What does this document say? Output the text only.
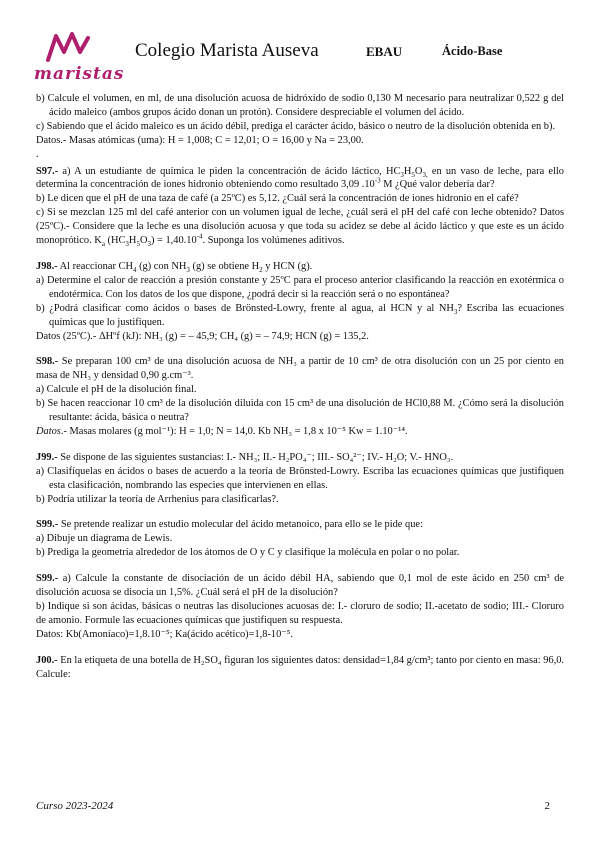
maristas
Colegio Marista Auseva	EBAU	Ácido-Base

b) Calcule el volumen, en ml, de una disolución acuosa de hidróxido de sodio 0,130 M necesario para neutralizar 0,522 g del ácido maleico (ambos grupos ácido donan un protón). Considere despreciable el volumen del ácido.

c) Sabiendo que el ácido maleico es un ácido débil, prediga el carácter ácido, básico o neutro de la disolución obtenida en b).

Datos.- Masas atómicas (uma): H = 1,008; C = 12,01; O = 16,00 y Na = 23,00.

.

S97.- a) A un estudiante de química le piden la concentración de ácido láctico, $HC_3H_5O_{3,}$ en un vaso de leche, para ello determina la concentración de iones hidronio obteniendo como resultado 3,09 $.10^{-3}$ M ¿Qué valor debería dar?

b) Le dicen que el pH de una taza de café (a 25ºC) es 5,12. ¿Cuál será la concentración de iones hidronio en el café?

c) Si se mezclan 125 ml del café anterior con un volumen igual de leche, ¿cuál será el pH del café con leche obtenido? Datos (25ºC).- Considere que la leche es una disolución acuosa y que toda su acidez se debe al ácido láctico y que este es un ácido monoprótico. $K_a$ $(HC_3H_5O_3) = 1,40.10^{-4}$. Suponga los volúmenes aditivos.

J98.- Al reaccionar $CH_4$ (g) con $NH_3$ (g) se obtiene $H_2$ y HCN (g).

a) Determine el calor de reacción a presión constante y 25ºC para el proceso anterior clasificando la reacción en exotérmica o endotérmica. Con los datos de los que dispone, ¿podrá decir si la reacción será o no espontánea?

b) ¿Podrá clasificar como ácidos o bases de Brönsted-Lowry, frente al agua, al HCN y al $NH_3$? Escriba las ecuaciones químicas que lo justifiquen.

Datos (25ºC).- ΔHºf (kJ): NH₃ (g) = – 45,9; CH₄ (g) = – 74,9; HCN (g) = 135,2.

S98.- Se preparan 100 cm³ de una disolución acuosa de NH₃ a partir de 10 cm³ de otra disolución con un 25 por ciento en masa de NH₃ y densidad 0,90 g.cm⁻³.

a) Calcule el pH de la disolución final.

b) Se hacen reaccionar 10 cm³ de la disolución diluida con 15 cm³ de una disolución de HCl0,88 M. ¿Cómo será la disolución resultante: ácida, básica o neutra?

Datos.- Masas molares (g mol⁻¹): H = 1,0; N = 14,0. Kb NH₃ = 1,8 x 10⁻⁵ Kw = 1.10⁻¹⁴.

J99.- Se dispone de las siguientes sustancias: I.- NH₃; II.- H₂PO₄⁻; III.- SO₄²⁻; IV.- H₂O; V.- HNO₃.

a) Clasifíquelas en ácidos o bases de acuerdo a la teoría de Brönsted-Lowry. Escriba las ecuaciones químicas que justifiquen esta clasificación, nombrando las especies que intervienen en ellas.

b) Podría utilizar la teoría de Arrhenius para clasificarlas?.

S99.- Se pretende realizar un estudio molecular del ácido metanoico, para ello se le pide que:

a) Dibuje un diagrama de Lewis.

b) Prediga la geometría alrededor de los átomos de O y C y clasifique la molécula en polar o no polar.

S99.- a) Calcule la constante de disociación de un ácido débil HA, sabiendo que 0,1 mol de este ácido en 250 cm³ de disolución acuosa se disocia un 1,5%. ¿Cuál será el pH de la disolución?

b) Indique si son ácidas, básicas o neutras las disoluciones acuosas de: I.- cloruro de sodio; II.-acetato de sodio; III.- Cloruro de amonio. Formule las ecuaciones químicas que justifiquen su respuesta.

Datos: Kb(Amoníaco)=1,8.10⁻⁵; Ka(ácido acético)=1,8-10⁻⁵.

J00.- En la etiqueta de una botella de H₂SO₄ figuran los siguientes datos: densidad=1,84 g/cm³; tanto por ciento en masa: 96,0. Calcule:

Curso 2023-2024	2
